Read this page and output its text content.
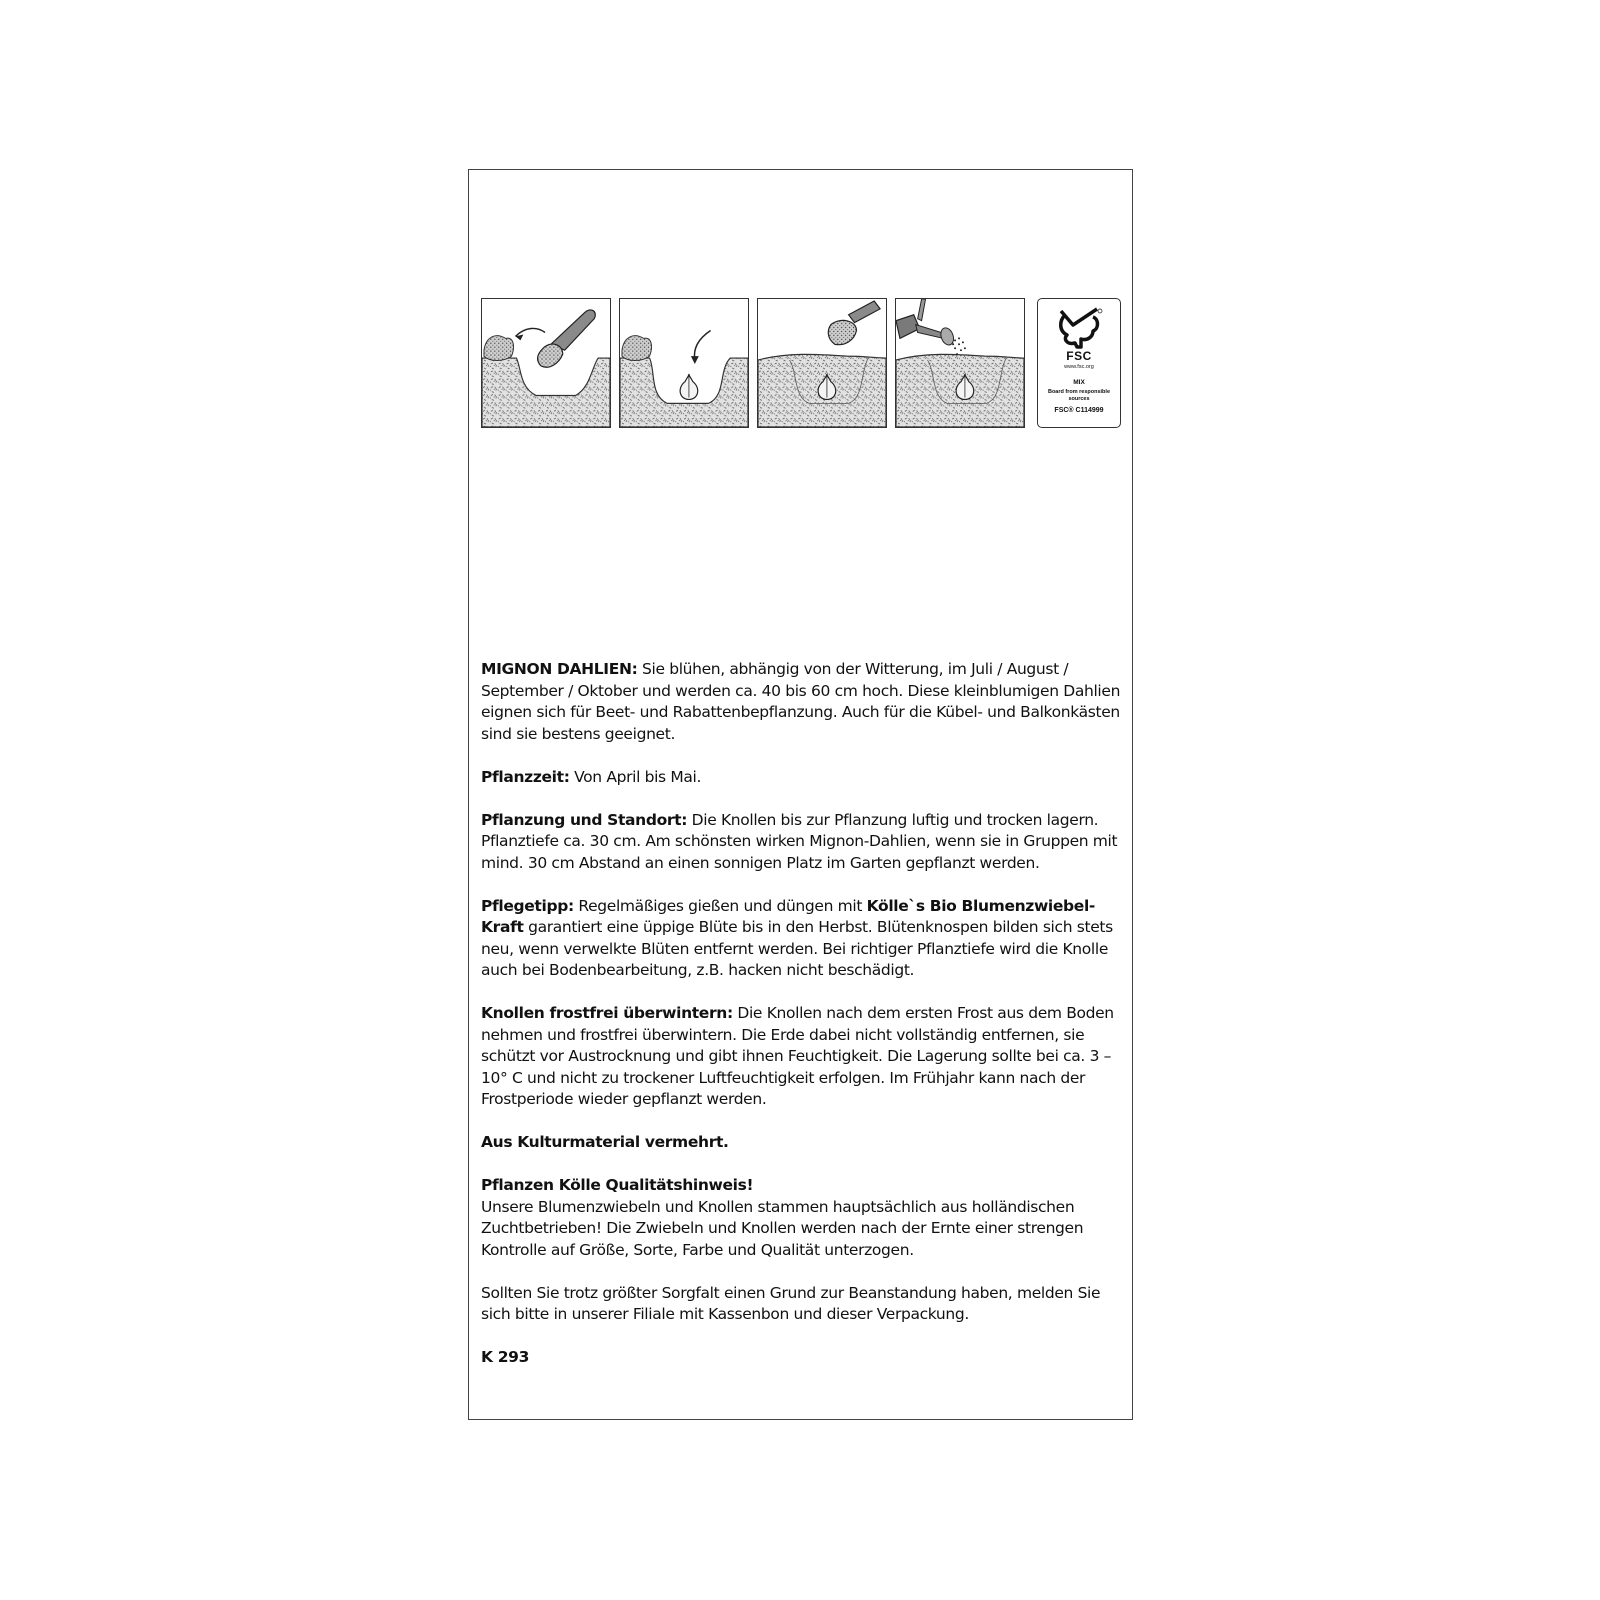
FSC
www.fsc.org
MIX
Board from responsible sources
FSC® C114999

MIGNON DAHLIEN: Sie blühen, abhängig von der Witterung, im Juli / August / September / Oktober und werden ca. 40 bis 60 cm hoch. Diese kleinblumigen Dahlien eignen sich für Beet- und Rabattenbepflanzung. Auch für die Kübel- und Balkonkästen sind sie bestens geeignet.

Pflanzzeit: Von April bis Mai.

Pflanzung und Standort: Die Knollen bis zur Pflanzung luftig und trocken lagern. Pflanztiefe ca. 30 cm. Am schönsten wirken Mignon-Dahlien, wenn sie in Gruppen mit mind. 30 cm Abstand an einen sonnigen Platz im Garten gepflanzt werden.

Pflegetipp: Regelmäßiges gießen und düngen mit Kölle`s Bio Blumenzwiebel-Kraft garantiert eine üppige Blüte bis in den Herbst. Blütenknospen bilden sich stets neu, wenn verwelkte Blüten entfernt werden. Bei richtiger Pflanztiefe wird die Knolle auch bei Bodenbearbeitung, z.B. hacken nicht beschädigt.

Knollen frostfrei überwintern: Die Knollen nach dem ersten Frost aus dem Boden nehmen und frostfrei überwintern. Die Erde dabei nicht vollständig entfernen, sie schützt vor Austrocknung und gibt ihnen Feuchtigkeit. Die Lagerung sollte bei ca. 3 – 10° C und nicht zu trockener Luftfeuchtigkeit erfolgen. Im Frühjahr kann nach der Frostperiode wieder gepflanzt werden.

Aus Kulturmaterial vermehrt.

Pflanzen Kölle Qualitätshinweis!
Unsere Blumenzwiebeln und Knollen stammen hauptsächlich aus holländischen Zuchtbetrieben! Die Zwiebeln und Knollen werden nach der Ernte einer strengen Kontrolle auf Größe, Sorte, Farbe und Qualität unterzogen.

Sollten Sie trotz größter Sorgfalt einen Grund zur Beanstandung haben, melden Sie sich bitte in unserer Filiale mit Kassenbon und dieser Verpackung.

K 293
